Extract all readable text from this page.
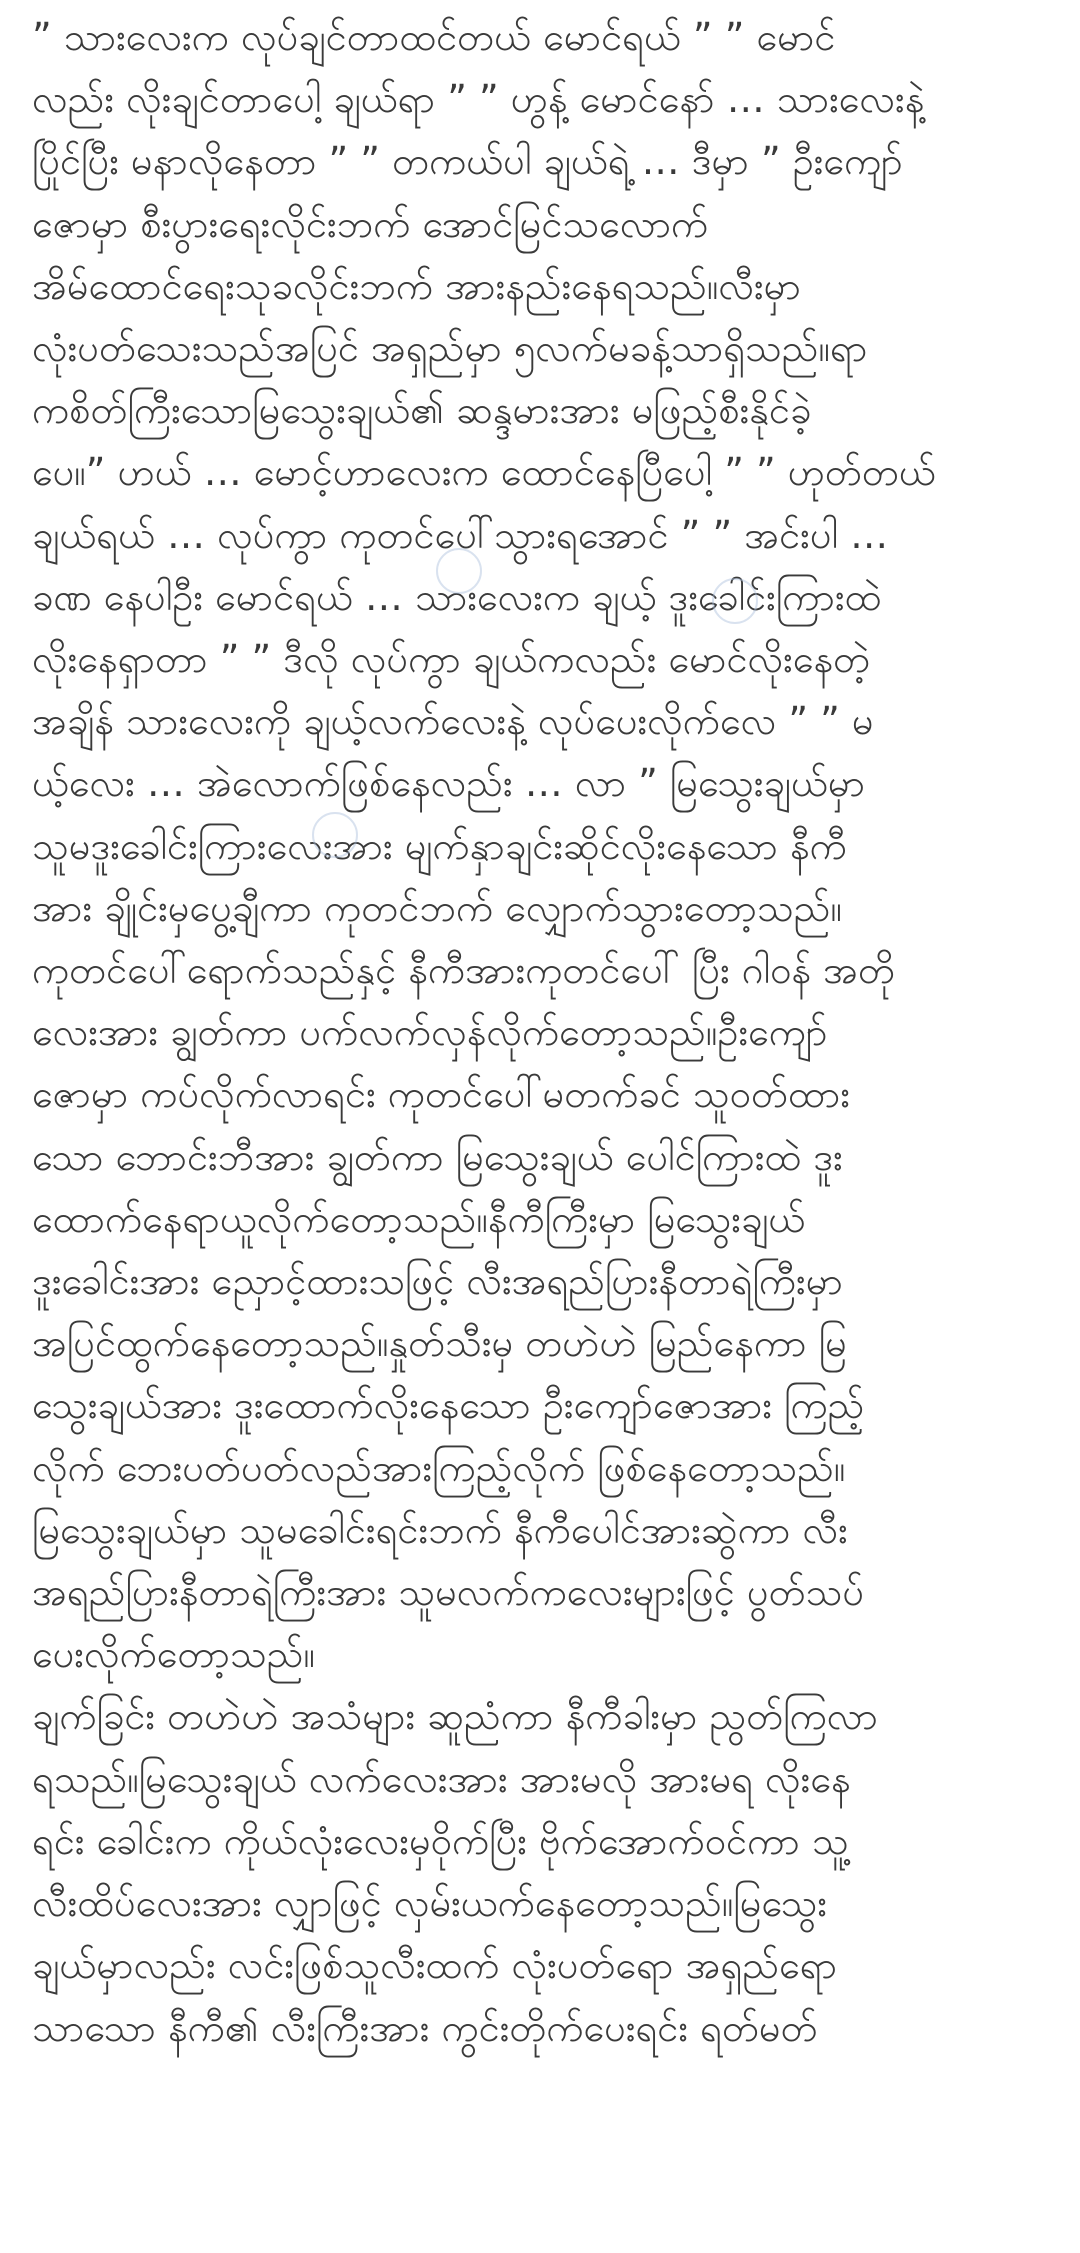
” သားလေးက လုပ်ချင်တာထင်တယ် မောင်ရယ် ” ” မောင်
လည်း လိုးချင်တာပေါ့ ချယ်ရာ ” ” ဟွန့် မောင်နော် … သားလေးနဲ့
ပြိုင်ပြီး မနာလိုနေတာ ” ” တကယ်ပါ ချယ်ရဲ့ … ဒီမှာ ” ဦးကျော်
ဇောမှာ စီးပွားရေးလိုင်းဘက် အောင်မြင်သလောက်
အိမ်ထောင်ရေးသုခလိုင်းဘက် အားနည်းနေရသည်။လီးမှာ
လုံးပတ်သေးသည်အပြင် အရှည်မှာ ၅လက်မခန့်သာရှိသည်။ရာ
ကစိတ်ကြီးသောမြသွေးချယ်၏ ဆန္ဒမားအား မဖြည့်စီးနိုင်ခဲ့
ပေ။” ဟယ် … မောင့်ဟာလေးက ထောင်နေပြီပေါ့ ” ” ဟုတ်တယ်
ချယ်ရယ် … လုပ်ကွာ ကုတင်ပေါ်သွားရအောင် ” ” အင်းပါ …
ခဏ နေပါဦး မောင်ရယ် … သားလေးက ချယ့် ဒူးခေါင်းကြားထဲ
လိုးနေရှာတာ ” ” ဒီလို လုပ်ကွာ ချယ်ကလည်း မောင်လိုးနေတဲ့
အချိန် သားလေးကို ချယ့်လက်လေးနဲ့ လုပ်ပေးလိုက်လေ ” ” မ
ယ့်လေး … အဲလောက်ဖြစ်နေလည်း … လာ ” မြသွေးချယ်မှာ
သူမဒူးခေါင်းကြားလေးအား မျက်နှာချင်းဆိုင်လိုးနေသော နီကီ
အား ချိုင်းမှပွေ့ချီကာ ကုတင်ဘက် လျှောက်သွားတော့သည်။
ကုတင်ပေါ်ရောက်သည်နှင့် နီကီအားကုတင်ပေါ် ပြီး ဂါဝန် အတို
လေးအား ချွတ်ကာ ပက်လက်လှန်လိုက်တော့သည်။ဦးကျော်
ဇောမှာ ကပ်လိုက်လာရင်း ကုတင်ပေါ်မတက်ခင် သူဝတ်ထား
သော ဘောင်းဘီအား ချွတ်ကာ မြသွေးချယ် ပေါင်ကြားထဲ ဒူး
ထောက်နေရာယူလိုက်တော့သည်။နီကီကြီးမှာ မြသွေးချယ်
ဒူးခေါင်းအား ညှောင့်ထားသဖြင့် လီးအရည်ပြားနီတာရဲကြီးမှာ
အပြင်ထွက်နေတော့သည်။နှုတ်သီးမှ တဟဲဟဲ မြည်နေကာ မြ
သွေးချယ်အား ဒူးထောက်လိုးနေသော ဦးကျော်ဇောအား ကြည့်
လိုက် ဘေးပတ်ပတ်လည်အားကြည့်လိုက် ဖြစ်နေတော့သည်။
မြသွေးချယ်မှာ သူမခေါင်းရင်းဘက် နီကီပေါင်အားဆွဲကာ လီး
အရည်ပြားနီတာရဲကြီးအား သူမလက်ကလေးများဖြင့် ပွတ်သပ်
ပေးလိုက်တော့သည်။

ချက်ခြင်း တဟဲဟဲ အသံများ ဆူညံကာ နီကီခါးမှာ ညွတ်ကြလာ
ရသည်။မြသွေးချယ် လက်လေးအား အားမလို အားမရ လိုးနေ
ရင်း ခေါင်းက ကိုယ်လုံးလေးမှဝိုက်ပြီး ဗိုက်အောက်ဝင်ကာ သူ့
လီးထိပ်လေးအား လျှာဖြင့် လှမ်းယက်နေတော့သည်။မြသွေး
ချယ်မှာလည်း လင်းဖြစ်သူလီးထက် လုံးပတ်ရော အရှည်ရော
သာသော နီကီ၏ လီးကြီးအား ကွင်းတိုက်ပေးရင်း ရတ်မတ်
